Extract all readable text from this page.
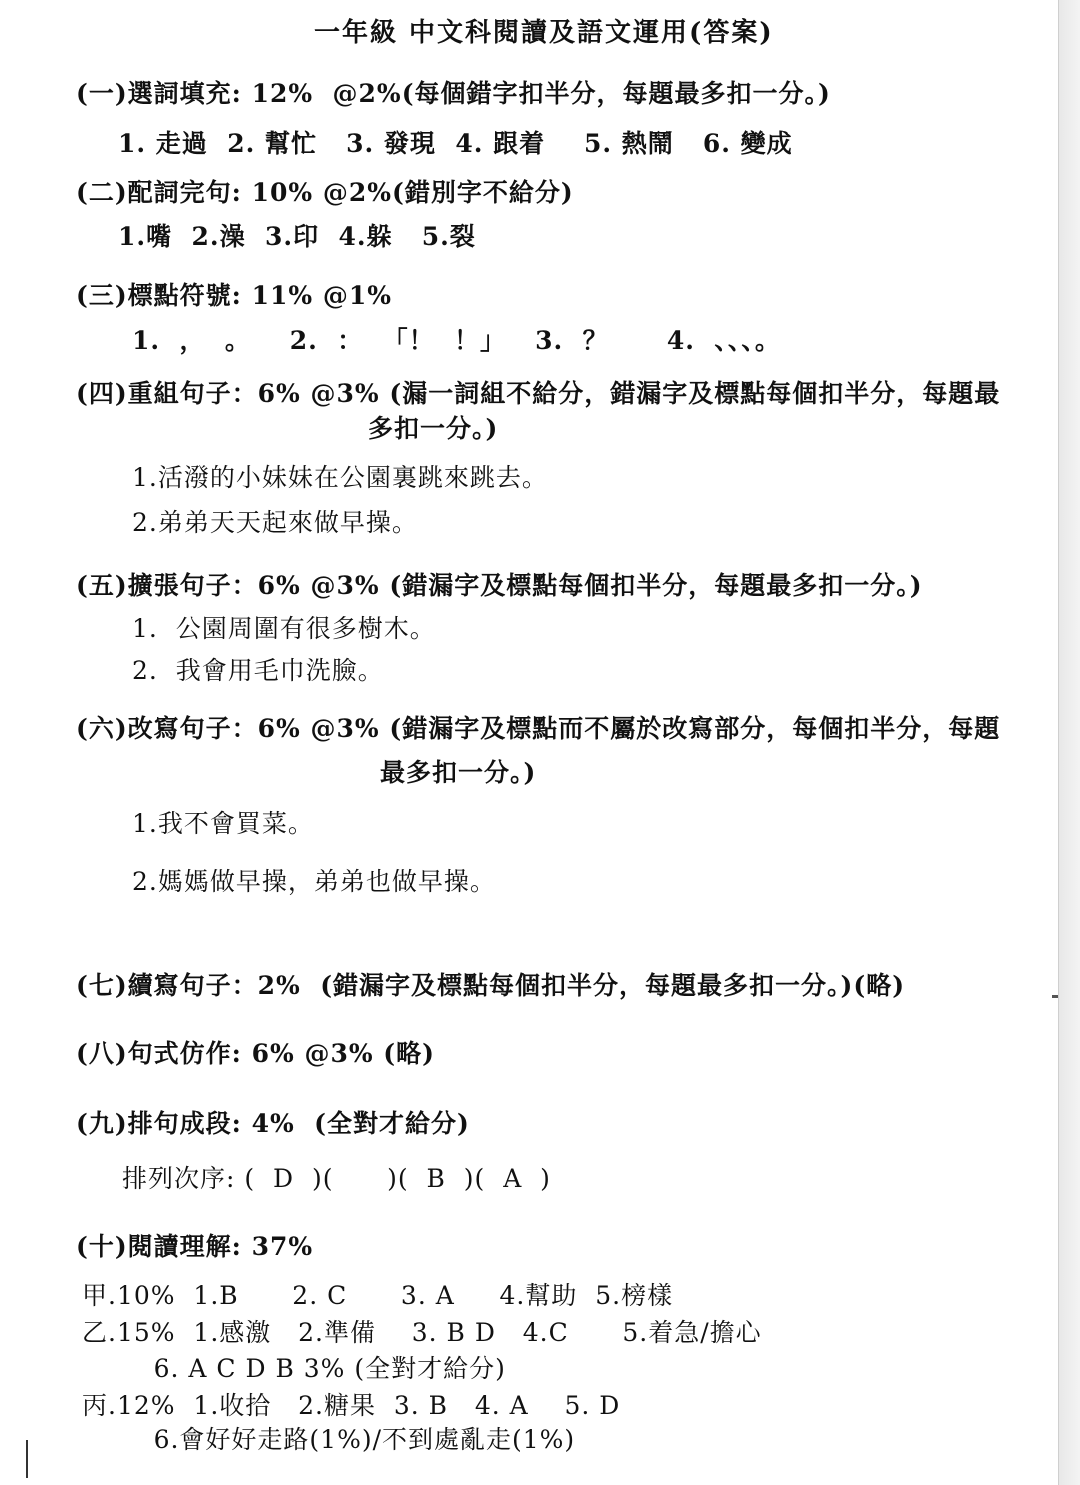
一年級 中文科閱讀及語文運用(答案)
(一)選詞填充: 12%  @2%(每個錯字扣半分，每題最多扣一分。)
1. 走過  2. 幫忙   3. 發現  4. 跟着    5. 熱鬧   6. 變成
(二)配詞完句: 10% @2%(錯別字不給分)
1.嘴  2.澡  3.印  4.躲   5.裂
(三)標點符號: 11% @1%
1.  ，  。    2.  ：  「！  ！」   3.  ？      4.  、、、。
(四)重組句子：6% @3% (漏一詞組不給分，錯漏字及標點每個扣半分，每題最
多扣一分。)
1.活潑的小妹妹在公園裏跳來跳去。
2.弟弟天天起來做早操。
(五)擴張句子：6% @3% (錯漏字及標點每個扣半分，每題最多扣一分。)
1.  公園周圍有很多樹木。
2.  我會用毛巾洗臉。
(六)改寫句子：6% @3% (錯漏字及標點而不屬於改寫部分，每個扣半分，每題
最多扣一分。)
1.我不會買菜。
2.媽媽做早操，弟弟也做早操。
(七)續寫句子：2%  (錯漏字及標點每個扣半分，每題最多扣一分。)(略)
(八)句式仿作: 6% @3% (略)
(九)排句成段: 4%  (全對才給分)
排列次序: (  D  )(      )(  B  )(  A  )
(十)閱讀理解: 37%
甲.10%  1.B      2. C      3. A     4.幫助  5.榜樣
乙.15%  1.感激   2.準備    3. B D   4.C      5.着急/擔心
6. A C D B 3% (全對才給分)
丙.12%  1.收拾   2.糖果  3. B   4. A    5. D
6.會好好走路(1%)/不到處亂走(1%)
